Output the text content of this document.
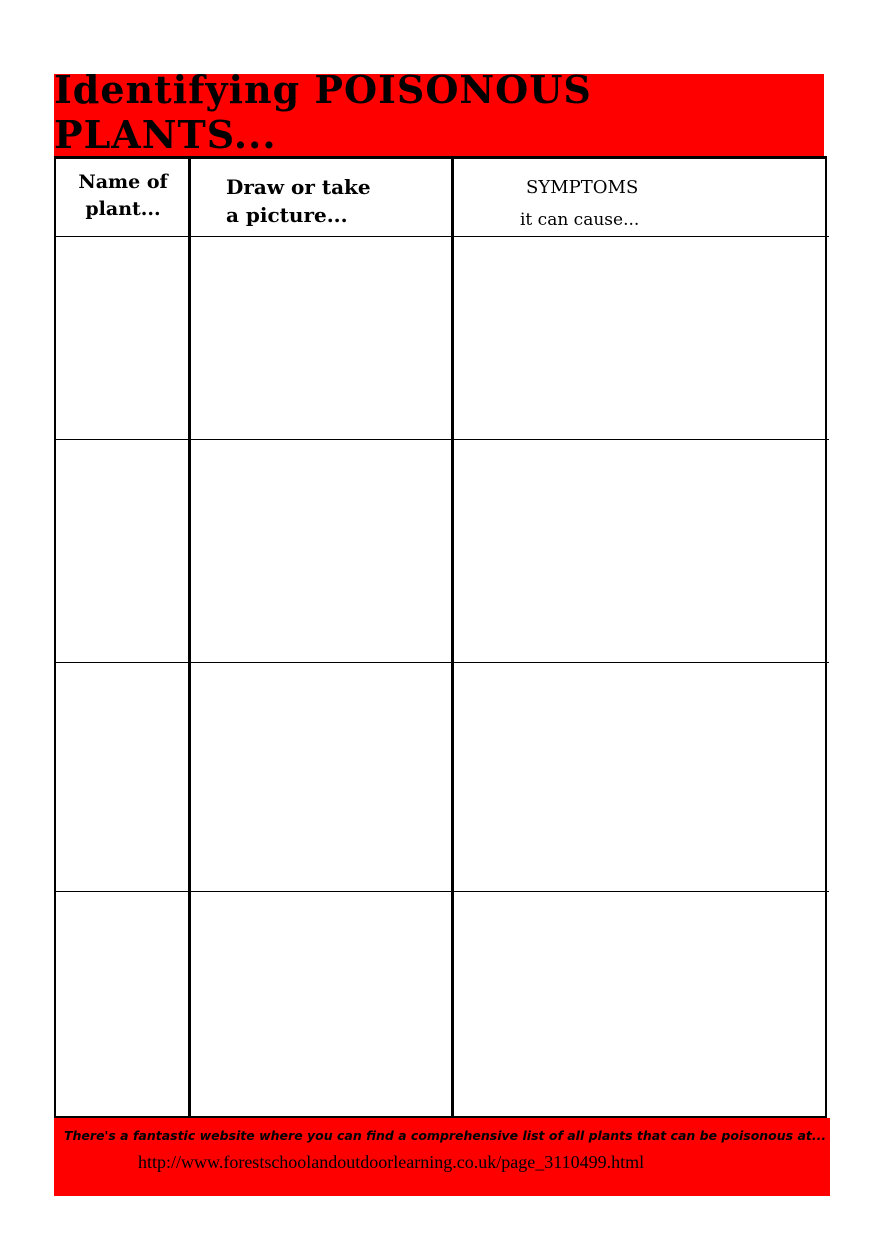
Identifying POISONOUS PLANTS...
Name of
plant...
Draw or take
a picture...
SYMPTOMS
it can cause...
There's a fantastic website where you can find a comprehensive list of all plants that can be poisonous at...
http://www.forestschoolandoutdoorlearning.co.uk/page_3110499.html
